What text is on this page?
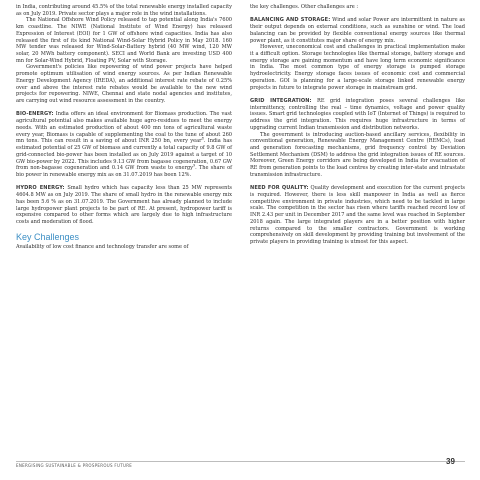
in India, contributing around 45.5% of the total renewable energy installed capacity as on July 2019. Private sector plays a major role in the wind installations.

The National Offshore Wind Policy released to tap potential along India's 7600 km coastline. The NIWE (National Institute of Wind Energy) has released Expression of Interest (EOI) for 1 GW of offshore wind capacities. India has also released the first of its kind National Wind-Solar Hybrid Policy in May 2018. 160 MW tender was released for Wind-Solar-Battery hybrid (40 MW wind, 120 MW solar, 20 MWh battery component). SECI and World Bank are investing USD 400 mn for Solar-Wind Hybrid, Floating PV, Solar with Storage.

Government's policies like repowering of wind power projects have helped promote optimum utilisation of wind energy sources. As per Indian Renewable Energy Development Agency (IREDA), an additional interest rate rebate of 0.25% over and above the interest rate rebates would be available to the new wind projects for repowering. NIWE, Chennai and state nodal agencies and institutes, are carrying out wind resource assessment in the country.

BIO-ENERGY: India offers an ideal environment for Biomass production. The vast agricultural potential also makes available huge agro-residues to meet the energy needs. With an estimated production of about 400 mn tons of agricultural waste every year, Biomass is capable of supplementing the coal to the tune of about 260 mn tons. This can result in a saving of about INR 250 bn, every year$^8$. India has estimated potential of 25 GW of biomass and currently a total capacity of 9.8 GW of grid-connected bio-power has been installed as on July 2019 against a target of 10 GW bio-power by 2022. This includes 9.13 GW from bagasse cogeneration, 0.67 GW from non-bagasse cogeneration and 0.14 GW from waste to energy$^9$. The share of bio power in renewable energy mix as on 31.07.2019 has been 12%.

HYDRO ENERGY: Small hydro which has capacity less than 25 MW represents 4604.8 MW as on July 2019. The share of small hydro in the renewable energy mix has been 5.6 % as on 31.07.2019. The Government has already planned to include large hydropower plant projects to be part of RE. At present, hydropower tariff is expensive compared to other forms which are largely due to high infrastructure costs and moderation of flood.

Key Challenges

Availability of low cost finance and technology transfer are some of

the key challenges. Other challenges are :

BALANCING AND STORAGE: Wind and solar Power are intermittent in nature as their output depends on external conditions, such as sunshine or wind. The load balancing can be provided by flexible conventional energy sources like thermal power plant, as it constitutes major share of energy mix.

However, uneconomical cost and challenges in practical implementation make it a difficult option. Storage technologies like thermal storage, battery storage and energy storage are gaining momentum and have long term economic significance in India. The most common type of energy storage is pumped storage hydroelectricity. Energy storage faces issues of economic cost and commercial operation. GOI is planning for a large-scale storage linked renewable energy projects in future to integrate power storage in mainstream grid.

GRID INTEGRATION: RE grid integration poses several challenges like intermittency, controlling the real – time dynamics, voltage and power quality issues. Smart grid technologies coupled with IoT (Internet of Things) is required to address the grid integration. This requires huge infrastructure in terms of upgrading current Indian transmission and distribution networks.

The government is introducing auction-based ancillary services, flexibility in conventional generation, Renewable Energy Management Centre (REMCs), load and generation forecasting mechanisms, grid frequency control by Deviation Settlement Mechanism (DSM) to address the grid integration issues of RE sources. Moreover, Green Energy corridors are being developed in India for evacuation of RE from generation points to the load centres by creating inter-state and intrastate transmission infrastructure.

NEED FOR QUALITY: Quality development and execution for the current projects is required. However, there is less skill manpower in India as well as fierce competitive environment in private industries, which need to be tackled in large scale. The competition in the sector has risen where tariffs reached record low of INR 2.43 per unit in December 2017 and the same level was reached in September 2018 again. The large integrated players are in a better position with higher returns compared to the smaller contractors. Government is working comprehensively on skill development by providing training but involvement of the private players in providing training is utmost for this aspect.

ENERGISING SUSTAINABLE & PROSPEROUS FUTURE	39
